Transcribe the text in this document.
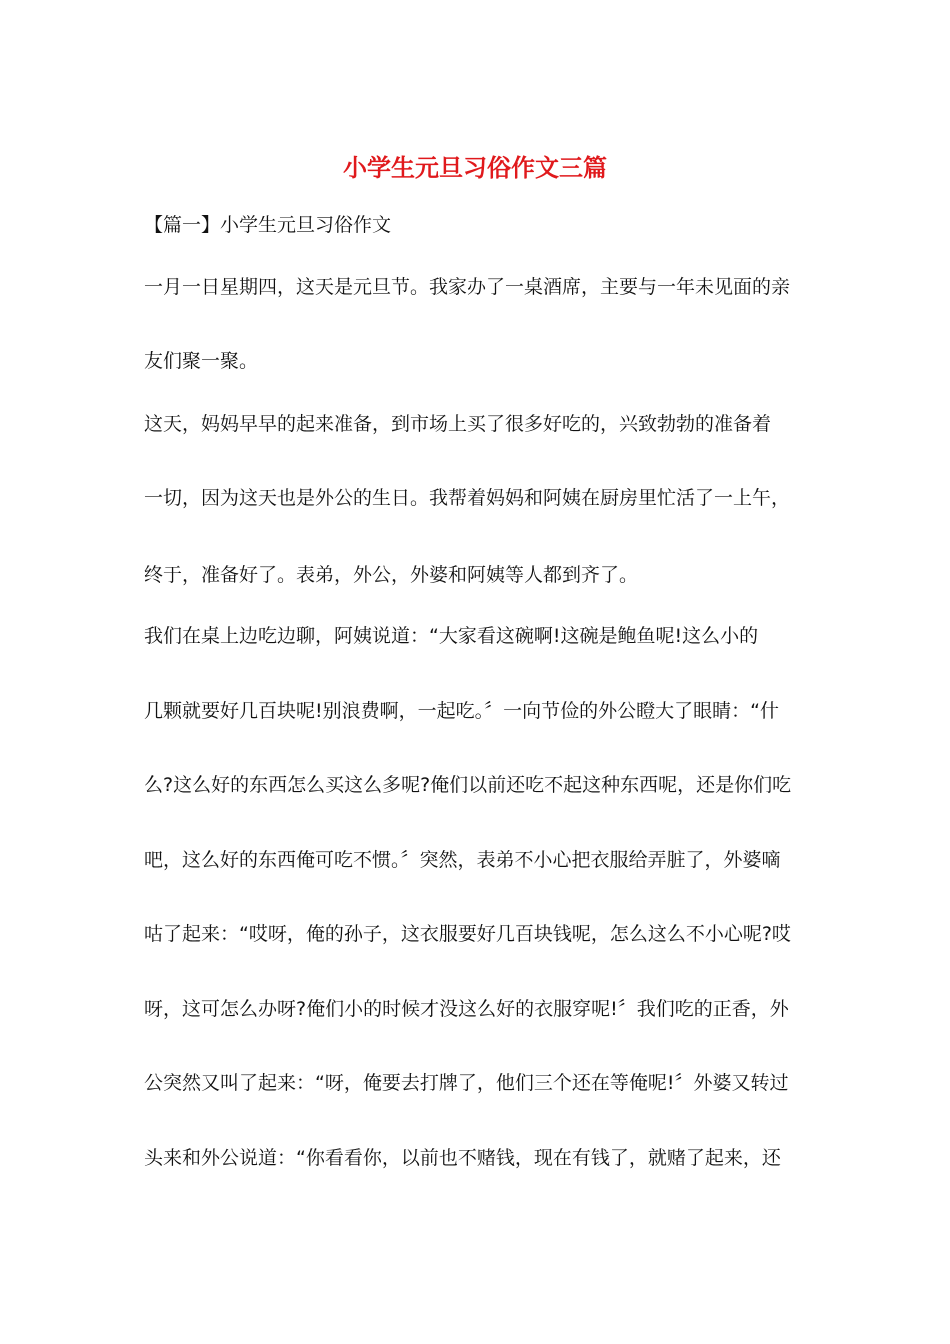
小学生元旦习俗作文三篇
【篇一】小学生元旦习俗作文
一月一日星期四，这天是元旦节。我家办了一桌酒席，主要与一年未见面的亲
友们聚一聚。
这天，妈妈早早的起来准备，到市场上买了很多好吃的，兴致勃勃的准备着
一切，因为这天也是外公的生日。我帮着妈妈和阿姨在厨房里忙活了一上午，
终于，准备好了。表弟，外公，外婆和阿姨等人都到齐了。
我们在桌上边吃边聊，阿姨说道：“大家看这碗啊!这碗是鲍鱼呢!这么小的
几颗就要好几百块呢!别浪费啊，一起吃。〞一向节俭的外公瞪大了眼睛：“什
么?这么好的东西怎么买这么多呢?俺们以前还吃不起这种东西呢，还是你们吃
吧，这么好的东西俺可吃不惯。〞突然，表弟不小心把衣服给弄脏了，外婆嘀
咕了起来：“哎呀，俺的孙子，这衣服要好几百块钱呢，怎么这么不小心呢?哎
呀，这可怎么办呀?俺们小的时候才没这么好的衣服穿呢!〞我们吃的正香，外
公突然又叫了起来：“呀，俺要去打牌了，他们三个还在等俺呢!〞外婆又转过
头来和外公说道：“你看看你，以前也不赌钱，现在有钱了，就赌了起来，还
